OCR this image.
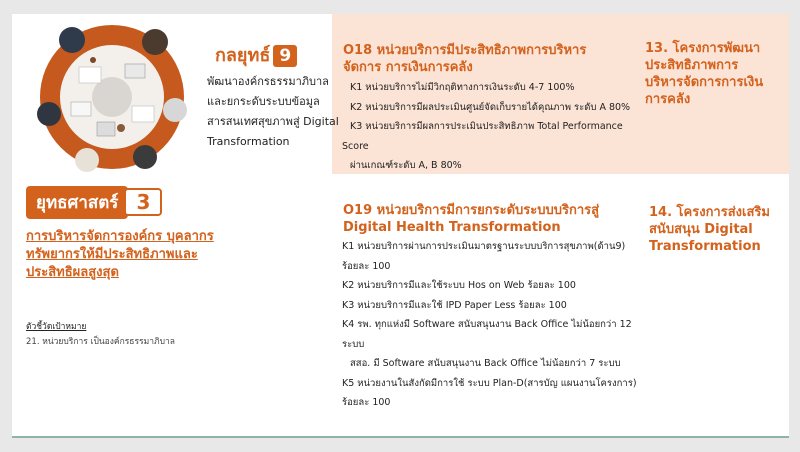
กลยุทธ์ 9
พัฒนาองค์กรธรรมาภิบาล
และยกระดับระบบข้อมูล
สารสนเทศสุขภาพสู่ Digital
Transformation
O18 หน่วยบริการมีประสิทธิภาพการบริหารจัดการ การเงินการคลัง
K1 หน่วยบริการไม่มีวิกฤติทางการเงินระดับ 4-7 100%
K2 หน่วยบริการมีผลประเมินศูนย์จัดเก็บรายได้คุณภาพ ระดับ A 80%
K3 หน่วยบริการมีผลการประเมินประสิทธิภาพ Total Performance
Score
ผ่านเกณฑ์ระดับ A, B 80%
13. โครงการพัฒนาประสิทธิภาพการบริหารจัดการการเงินการคลัง
ยุทธศาสตร์ 3
การบริหารจัดการองค์กร บุคลากร ทรัพยากรให้มีประสิทธิภาพและประสิทธิผลสูงสุด
ตัวชี้วัดเป้าหมาย
21. หน่วยบริการ เป็นองค์กรธรรมาภิบาล
O19 หน่วยบริการมีการยกระดับระบบบริการสู่ Digital Health Transformation
K1 หน่วยบริการผ่านการประเมินมาตรฐานระบบบริการสุขภาพ(ด้าน9)
ร้อยละ 100
K2 หน่วยบริการมีและใช้ระบบ Hos on Web ร้อยละ 100
K3 หน่วยบริการมีและใช้ IPD Paper Less ร้อยละ 100
K4 รพ. ทุกแห่งมี Software สนับสนุนงาน Back Office ไม่น้อยกว่า 12
ระบบ
สสอ. มี Software สนับสนุนงาน Back Office ไม่น้อยกว่า 7 ระบบ
K5 หน่วยงานในสังกัดมีการใช้ ระบบ Plan-D(สารบัญ แผนงานโครงการ)
ร้อยละ 100
14. โครงการส่งเสริมสนับสนุน Digital Transformation
